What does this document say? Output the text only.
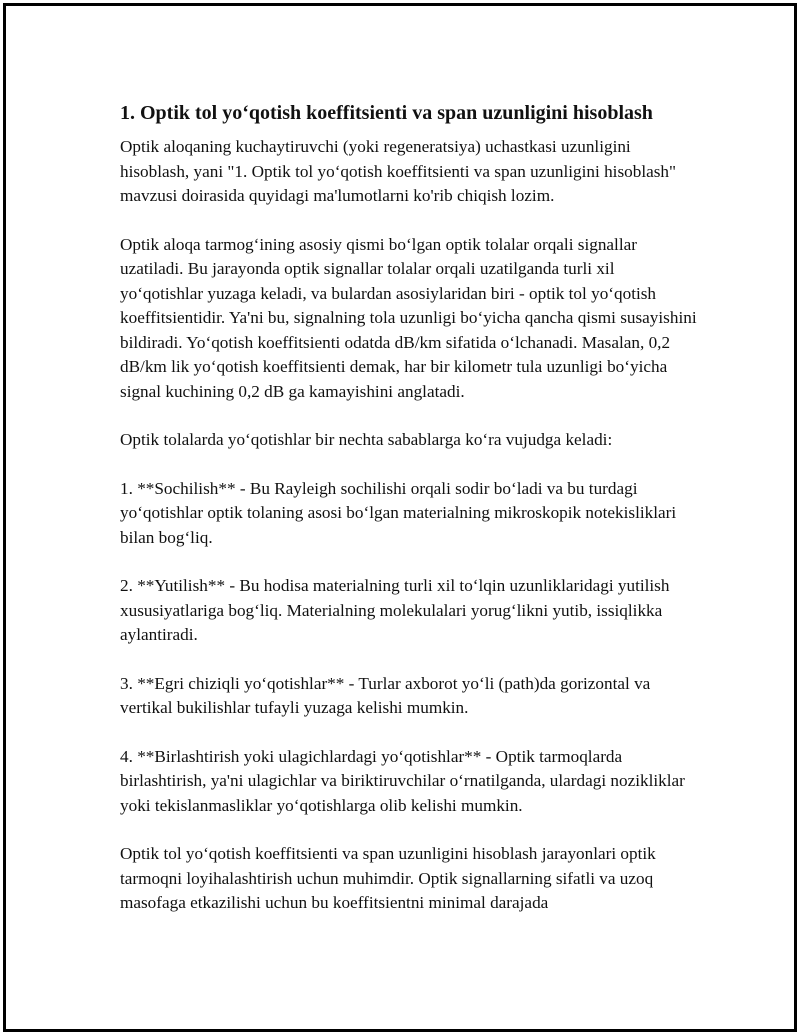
1. Optik tol yo‘qotish koeffitsienti va span uzunligini hisoblash

Optik aloqaning kuchaytiruvchi (yoki regeneratsiya) uchastkasi uzunligini hisoblash, yani "1. Optik tol yo‘qotish koeffitsienti va span uzunligini hisoblash" mavzusi doirasida quyidagi ma'lumotlarni ko'rib chiqish lozim.

Optik aloqa tarmog‘ining asosiy qismi bo‘lgan optik tolalar orqali signallar uzatiladi. Bu jarayonda optik signallar tolalar orqali uzatilganda turli xil yo‘qotishlar yuzaga keladi, va bulardan asosiylaridan biri - optik tol yo‘qotish koeffitsientidir. Ya'ni bu, signalning tola uzunligi bo‘yicha qancha qismi susayishini bildiradi. Yo‘qotish koeffitsienti odatda dB/km sifatida o‘lchanadi. Masalan, 0,2 dB/km lik yo‘qotish koeffitsienti demak, har bir kilometr tula uzunligi bo‘yicha signal kuchining 0,2 dB ga kamayishini anglatadi.

Optik tolalarda yo‘qotishlar bir nechta sabablarga ko‘ra vujudga keladi:

1. **Sochilish** - Bu Rayleigh sochilishi orqali sodir bo‘ladi va bu turdagi yo‘qotishlar optik tolaning asosi bo‘lgan materialning mikroskopik notekisliklari bilan bog‘liq.

2. **Yutilish** - Bu hodisa materialning turli xil to‘lqin uzunliklaridagi yutilish xususiyatlariga bog‘liq. Materialning molekulalari yorug‘likni yutib, issiqlikka aylantiradi.

3. **Egri chiziqli yo‘qotishlar** - Turlar axborot yo‘li (path)da gorizontal va vertikal bukilishlar tufayli yuzaga kelishi mumkin.

4. **Birlashtirish yoki ulagichlardagi yo‘qotishlar** - Optik tarmoqlarda birlashtirish, ya'ni ulagichlar va biriktiruvchilar o‘rnatilganda, ulardagi nozikliklar yoki tekislanmasliklar yo‘qotishlarga olib kelishi mumkin.

Optik tol yo‘qotish koeffitsienti va span uzunligini hisoblash jarayonlari optik tarmoqni loyihalashtirish uchun muhimdir. Optik signallarning sifatli va uzoq masofaga etkazilishi uchun bu koeffitsientni minimal darajada
